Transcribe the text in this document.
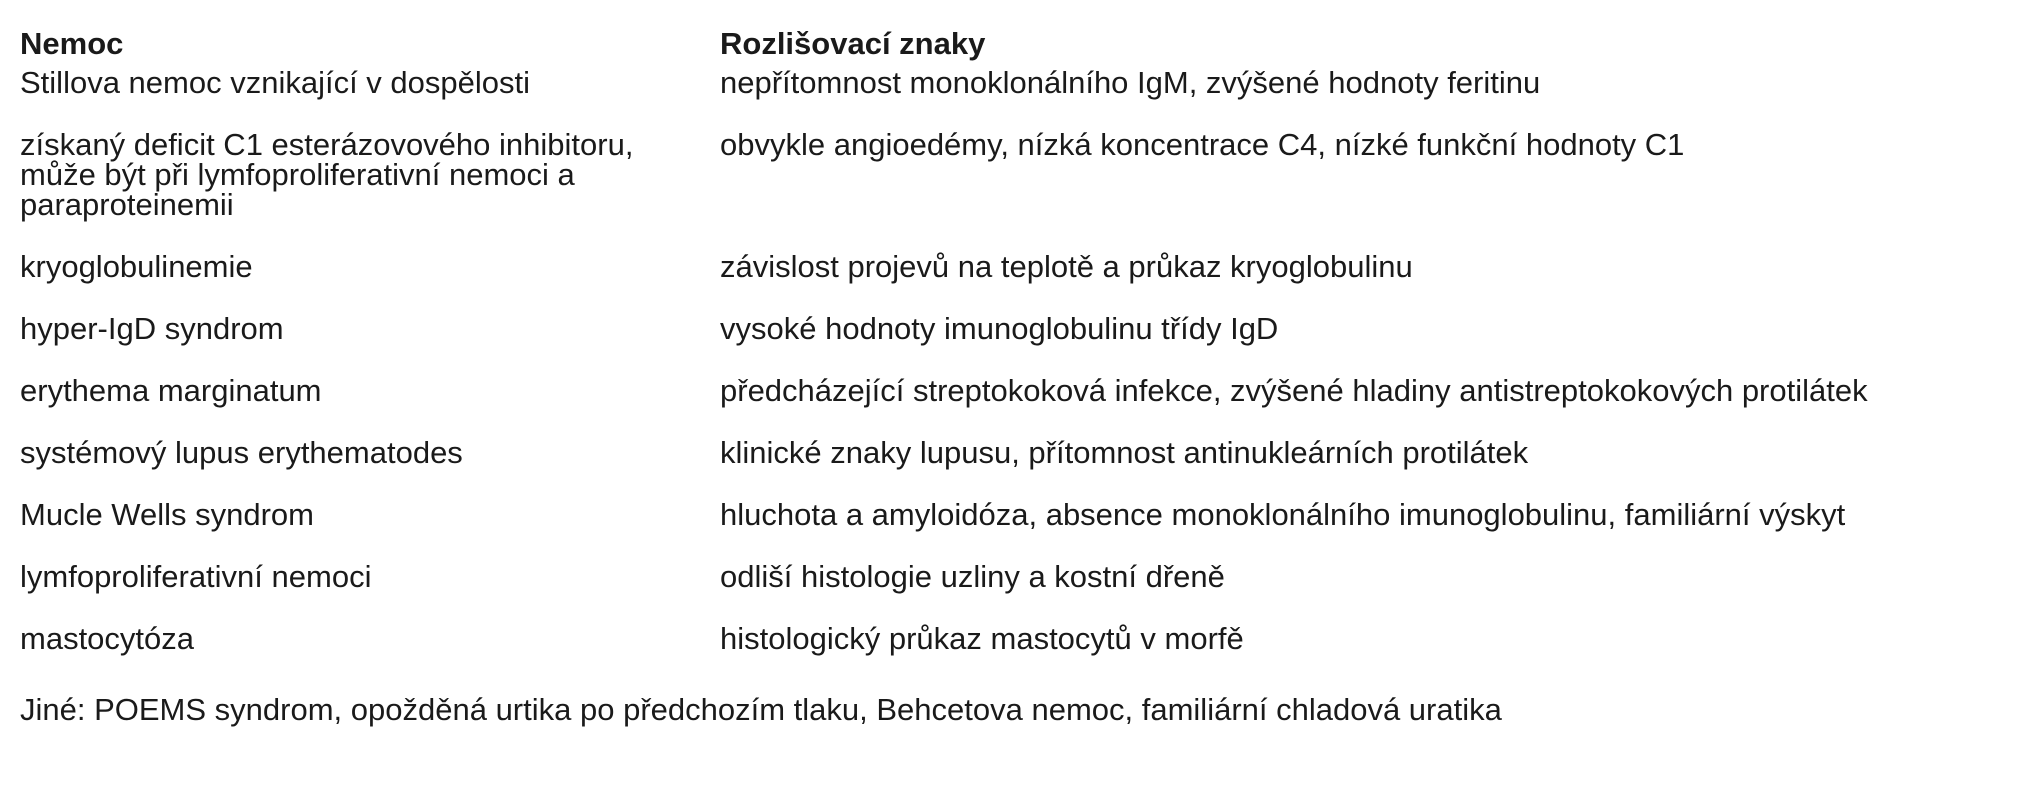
Nemoc	Rozlišovací znaky
Stillova nemoc vznikající v dospělosti	nepřítomnost monoklonálního IgM, zvýšené hodnoty feritinu
získaný deficit C1 esterázovového inhibitoru, může být při lymfoproliferativní nemoci a paraproteinemii	obvykle angioedémy, nízká koncentrace C4, nízké funkční hodnoty C1
kryoglobulinemie	závislost projevů na teplotě a průkaz kryoglobulinu
hyper-IgD syndrom	vysoké hodnoty imunoglobulinu třídy IgD
erythema marginatum	předcházející streptokoková infekce, zvýšené hladiny antistreptokokových protilátek
systémový lupus erythematodes	klinické znaky lupusu, přítomnost antinukleárních protilátek
Mucle Wells syndrom	hluchota a amyloidóza, absence monoklonálního imunoglobulinu, familiární výskyt
lymfoproliferativní nemoci	odliší histologie uzliny a kostní dřeně
mastocytóza	histologický průkaz mastocytů v morfě
Jiné: POEMS syndrom, opožděná urtika po předchozím tlaku, Behcetova nemoc, familiární chladová uratika
